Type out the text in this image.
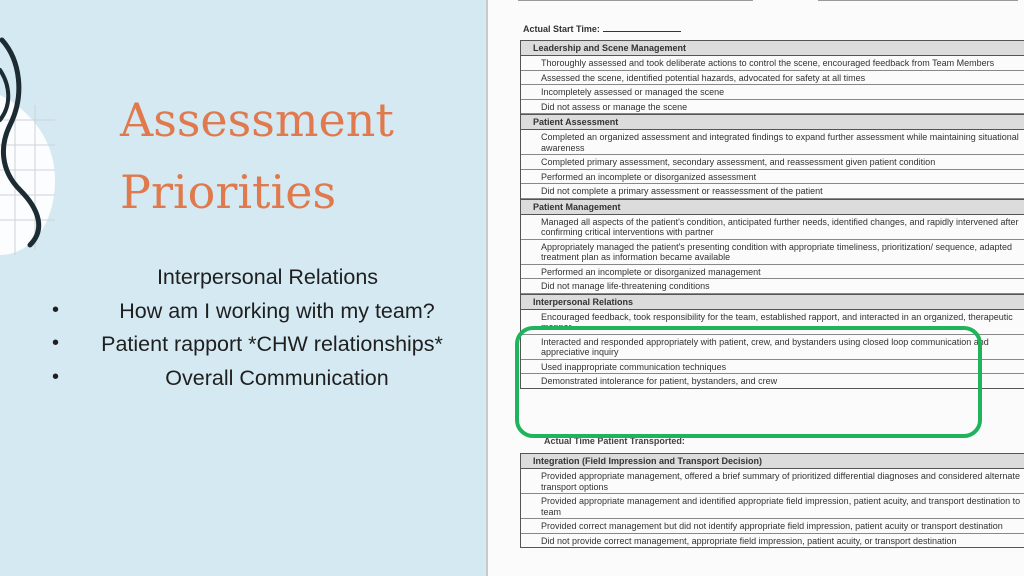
Assessment
Priorities
Interpersonal Relations
•	How am I working with my team?
•	Patient rapport *CHW relationships*
•	Overall Communication
Actual Start Time:
Leadership and Scene Management
Thoroughly assessed and took deliberate actions to control the scene, encouraged feedback from Team Members
Assessed the scene, identified potential hazards, advocated for safety at all times
Incompletely assessed or managed the scene
Did not assess or manage the scene
Patient Assessment
Completed an organized assessment and integrated findings to expand further assessment while maintaining situational awareness
Completed primary assessment, secondary assessment, and reassessment given patient condition
Performed an incomplete or disorganized assessment
Did not complete a primary assessment or reassessment of the patient
Patient Management
Managed all aspects of the patient's condition, anticipated further needs, identified changes, and rapidly intervened after confirming critical interventions with partner
Appropriately managed the patient's presenting condition with appropriate timeliness, prioritization/ sequence, adapted treatment plan as information became available
Performed an incomplete or disorganized management
Did not manage life-threatening conditions
Interpersonal Relations
Encouraged feedback, took responsibility for the team, established rapport, and interacted in an organized, therapeutic manner
Interacted and responded appropriately with patient, crew, and bystanders using closed loop communication and appreciative inquiry
Used inappropriate communication techniques
Demonstrated intolerance for patient, bystanders, and crew
Actual Time Patient Transported:
Integration (Field Impression and Transport Decision)
Provided appropriate management, offered a brief summary of prioritized differential diagnoses and considered alternate transport options
Provided appropriate management and identified appropriate field impression, patient acuity, and transport destination to team
Provided correct management but did not identify appropriate field impression, patient acuity or transport destination
Did not provide correct management, appropriate field impression, patient acuity, or transport destination
